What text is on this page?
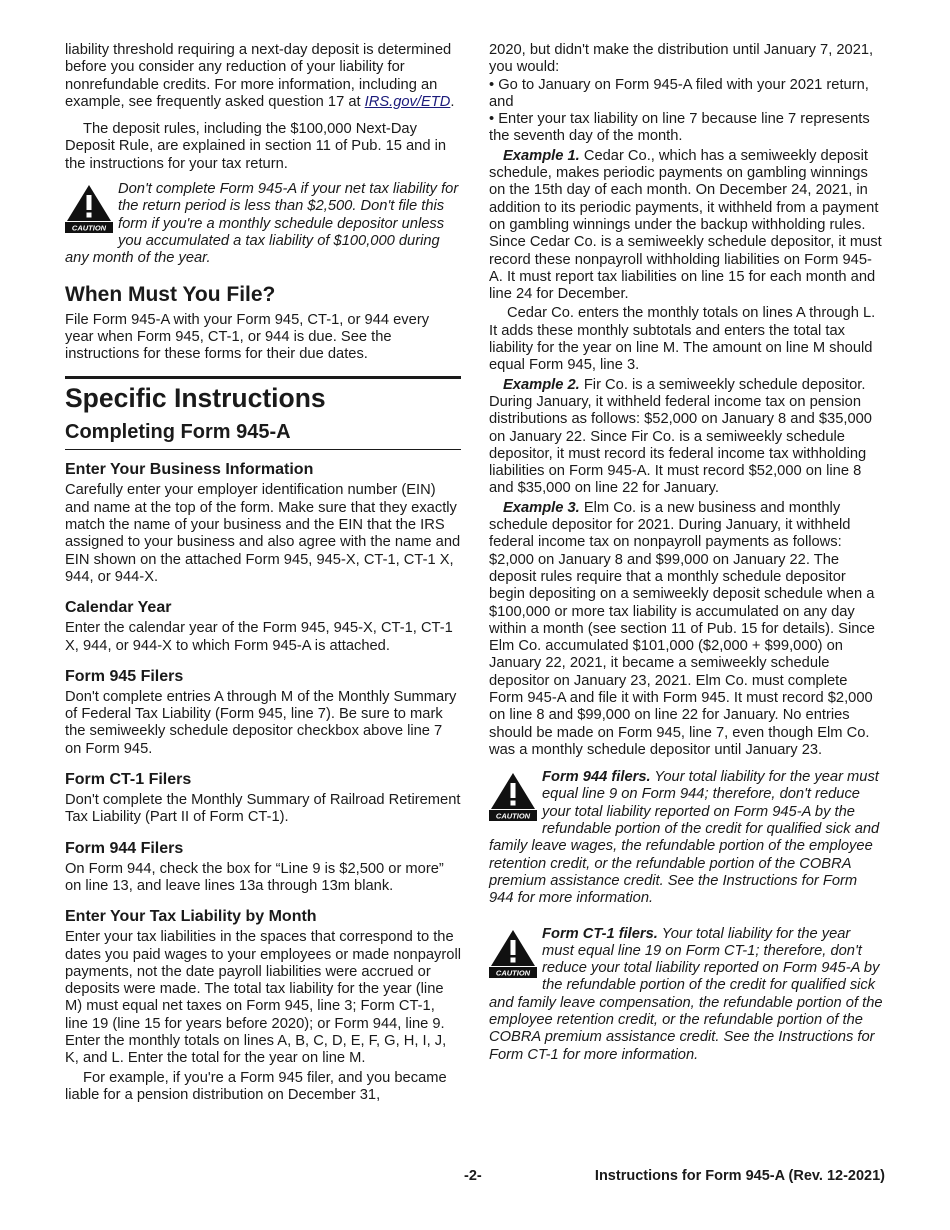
liability threshold requiring a next-day deposit is determined before you consider any reduction of your liability for nonrefundable credits. For more information, including an example, see frequently asked question 17 at IRS.gov/ETD.

The deposit rules, including the $100,000 Next-Day Deposit Rule, are explained in section 11 of Pub. 15 and in the instructions for your tax return.

CAUTION
Don't complete Form 945-A if your net tax liability for the return period is less than $2,500. Don't file this form if you're a monthly schedule depositor unless you accumulated a tax liability of $100,000 during any month of the year.
When Must You File?

File Form 945-A with your Form 945, CT-1, or 944 every year when Form 945, CT-1, or 944 is due. See the instructions for these forms for their due dates.

Specific Instructions
Completing Form 945-A
Enter Your Business Information

Carefully enter your employer identification number (EIN) and name at the top of the form. Make sure that they exactly match the name of your business and the EIN that the IRS assigned to your business and also agree with the name and EIN shown on the attached Form 945, 945-X, CT-1, CT-1 X, 944, or 944-X.

Calendar Year

Enter the calendar year of the Form 945, 945-X, CT-1, CT-1 X, 944, or 944-X to which Form 945-A is attached.

Form 945 Filers

Don't complete entries A through M of the Monthly Summary of Federal Tax Liability (Form 945, line 7). Be sure to mark the semiweekly schedule depositor checkbox above line 7 on Form 945.

Form CT-1 Filers

Don't complete the Monthly Summary of Railroad Retirement Tax Liability (Part II of Form CT-1).

Form 944 Filers

On Form 944, check the box for “Line 9 is $2,500 or more” on line 13, and leave lines 13a through 13m blank.

Enter Your Tax Liability by Month

Enter your tax liabilities in the spaces that correspond to the dates you paid wages to your employees or made nonpayroll payments, not the date payroll liabilities were accrued or deposits were made. The total tax liability for the year (line M) must equal net taxes on Form 945, line 3; Form CT-1, line 19 (line 15 for years before 2020); or Form 944, line 9. Enter the monthly totals on lines A, B, C, D, E, F, G, H, I, J, K, and L. Enter the total for the year on line M.

For example, if you're a Form 945 filer, and you became liable for a pension distribution on December 31,

2020, but didn't make the distribution until January 7, 2021, you would:

• Go to January on Form 945-A filed with your 2021 return, and

• Enter your tax liability on line 7 because line 7 represents the seventh day of the month.

Example 1. Cedar Co., which has a semiweekly deposit schedule, makes periodic payments on gambling winnings on the 15th day of each month. On December 24, 2021, in addition to its periodic payments, it withheld from a payment on gambling winnings under the backup withholding rules. Since Cedar Co. is a semiweekly schedule depositor, it must record these nonpayroll withholding liabilities on Form 945-A. It must report tax liabilities on line 15 for each month and line 24 for December.

Cedar Co. enters the monthly totals on lines A through L. It adds these monthly subtotals and enters the total tax liability for the year on line M. The amount on line M should equal Form 945, line 3.

Example 2. Fir Co. is a semiweekly schedule depositor. During January, it withheld federal income tax on pension distributions as follows: $52,000 on January 8 and $35,000 on January 22. Since Fir Co. is a semiweekly schedule depositor, it must record its federal income tax withholding liabilities on Form 945-A. It must record $52,000 on line 8 and $35,000 on line 22 for January.

Example 3. Elm Co. is a new business and monthly schedule depositor for 2021. During January, it withheld federal income tax on nonpayroll payments as follows: $2,000 on January 8 and $99,000 on January 22. The deposit rules require that a monthly schedule depositor begin depositing on a semiweekly deposit schedule when a $100,000 or more tax liability is accumulated on any day within a month (see section 11 of Pub. 15 for details). Since Elm Co. accumulated $101,000 ($2,000 + $99,000) on January 22, 2021, it became a semiweekly schedule depositor on January 23, 2021. Elm Co. must complete Form 945-A and file it with Form 945. It must record $2,000 on line 8 and $99,000 on line 22 for January. No entries should be made on Form 945, line 7, even though Elm Co. was a monthly schedule depositor until January 23.

CAUTION
Form 944 filers. Your total liability for the year must equal line 9 on Form 944; therefore, don't reduce your total liability reported on Form 945-A by the refundable portion of the credit for qualified sick and family leave wages, the refundable portion of the employee retention credit, or the refundable portion of the COBRA premium assistance credit. See the Instructions for Form 944 for more information.
CAUTION
Form CT-1 filers. Your total liability for the year must equal line 19 on Form CT-1; therefore, don't reduce your total liability reported on Form 945-A by the refundable portion of the credit for qualified sick and family leave compensation, the refundable portion of the employee retention credit, or the refundable portion of the COBRA premium assistance credit. See the Instructions for Form CT-1 for more information.
-2-	Instructions for Form 945-A (Rev. 12-2021)
